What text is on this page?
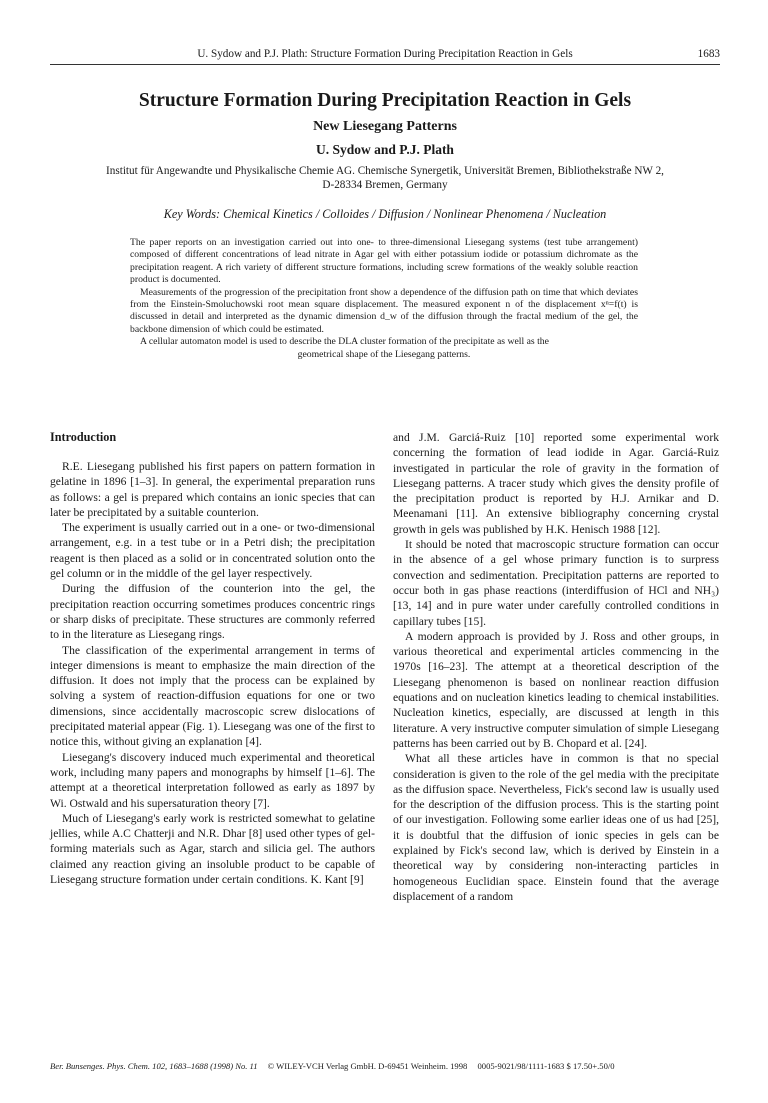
U. Sydow and P.J. Plath: Structure Formation During Precipitation Reaction in Gels	1683
Structure Formation During Precipitation Reaction in Gels
New Liesegang Patterns
U. Sydow and P.J. Plath
Institut für Angewandte und Physikalische Chemie AG. Chemische Synergetik, Universität Bremen, Bibliothekstraße NW 2,
D-28334 Bremen, Germany
Key Words: Chemical Kinetics / Colloides / Diffusion / Nonlinear Phenomena / Nucleation

The paper reports on an investigation carried out into one- to three-dimensional Liesegang systems (test tube arrangement) composed of different concentrations of lead nitrate in Agar gel with either potassium iodide or potassium dichromate as the precipitation reagent. A rich variety of different structure formations, including screw formations of the weakly soluble reaction product is documented.

Measurements of the progression of the precipitation front show a dependence of the diffusion path on time that which deviates from the Einstein-Smoluchowski root mean square displacement. The measured exponent n of the displacement xⁿ=f(t) is discussed in detail and interpreted as the dynamic dimension d_w of the diffusion through the fractal medium of the gel, the backbone dimension of which could be estimated.

A cellular automaton model is used to describe the DLA cluster formation of the precipitate as well as the

geometrical shape of the Liesegang patterns.

Introduction

R.E. Liesegang published his first papers on pattern formation in gelatine in 1896 [1–3]. In general, the experimental preparation runs as follows: a gel is prepared which contains an ionic species that can later be precipitated by a suitable counterion.

The experiment is usually carried out in a one- or two-dimensional arrangement, e.g. in a test tube or in a Petri dish; the precipitation reagent is then placed as a solid or in concentrated solution onto the gel column or in the middle of the gel layer respectively.

During the diffusion of the counterion into the gel, the precipitation reaction occurring sometimes produces concentric rings or sharp disks of precipitate. These structures are commonly referred to in the literature as Liesegang rings.

The classification of the experimental arrangement in terms of integer dimensions is meant to emphasize the main direction of the diffusion. It does not imply that the process can be explained by solving a system of reaction-diffusion equations for one or two dimensions, since accidentally macroscopic screw dislocations of precipitated material appear (Fig. 1). Liesegang was one of the first to notice this, without giving an explanation [4].

Liesegang's discovery induced much experimental and theoretical work, including many papers and monographs by himself [1–6]. The attempt at a theoretical interpretation followed as early as 1897 by Wi. Ostwald and his supersaturation theory [7].

Much of Liesegang's early work is restricted somewhat to gelatine jellies, while A.C Chatterji and N.R. Dhar [8] used other types of gel-forming materials such as Agar, starch and silicia gel. The authors claimed any reaction giving an insoluble product to be capable of Liesegang structure formation under certain conditions. K. Kant [9]

and J.M. Garciá-Ruiz [10] reported some experimental work concerning the formation of lead iodide in Agar. Garciá-Ruiz investigated in particular the role of gravity in the formation of Liesegang patterns. A tracer study which gives the density profile of the precipitation product is reported by H.J. Arnikar and D. Meenamani [11]. An extensive bibliography concerning crystal growth in gels was published by H.K. Henisch 1988 [12].

It should be noted that macroscopic structure formation can occur in the absence of a gel whose primary function is to surpress convection and sedimentation. Precipitation patterns are reported to occur both in gas phase reactions (interdiffusion of HCl and NH₃) [13, 14] and in pure water under carefully controlled conditions in capillary tubes [15].

A modern approach is provided by J. Ross and other groups, in various theoretical and experimental articles commencing in the 1970s [16–23]. The attempt at a theoretical description of the Liesegang phenomenon is based on nonlinear reaction diffusion equations and on nucleation kinetics leading to chemical instabilities. Nucleation kinetics, especially, are discussed at length in this literature. A very instructive computer simulation of simple Liesegang patterns has been carried out by B. Chopard et al. [24].

What all these articles have in common is that no special consideration is given to the role of the gel media with the precipitate as the diffusion space. Nevertheless, Fick's second law is usually used for the description of the diffusion process. This is the starting point of our investigation. Following some earlier ideas one of us had [25], it is doubtful that the diffusion of ionic species in gels can be explained by Fick's second law, which is derived by Einstein in a theoretical way by considering non-interacting particles in homogeneous Euclidian space. Einstein found that the average displacement of a random

Ber. Bunsenges. Phys. Chem. 102, 1683–1688 (1998) No. 11 © WILEY-VCH Verlag GmbH. D-69451 Weinheim. 1998 0005-9021/98/1111-1683 $ 17.50+.50/0
